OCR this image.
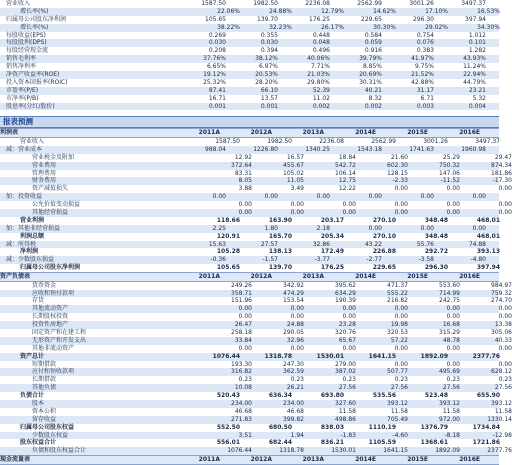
营业收入	1587.50	1982.50	2236.08	2562.99	3001.26	3497.37
增长率(%)	22.06%	24.88%	12.79%	14.62%	17.10%	16.53%
归属母公司股东净利润	105.65	139.70	176.25	229.65	296.30	397.94
增长率(%)	38.22%	32.23%	26.17%	30.30%	29.02%	34.30%
每股收益(EPS)	0.269	0.355	0.448	0.584	0.754	1.012
每股股利(DPS)	0.030	0.030	0.048	0.059	0.076	0.101
每股经营现金流	0.208	0.394	0.496	0.916	0.383	1.282
销售毛利率	37.76%	38.12%	40.06%	39.79%	41.97%	43.93%
销售净利率	6.65%	6.97%	7.71%	8.85%	9.75%	11.24%
净资产收益率(ROE)	19.12%	20.53%	21.03%	20.69%	21.52%	22.94%
投入资本回报率(ROIC)	25.32%	28.20%	29.80%	30.31%	42.88%	44.79%
市盈率(P/E)	87.41	66.10	52.39	40.21	31.17	23.21
市净率(P/B)	16.71	13.57	11.02	8.32	6.71	5.32
股息率(分红/股价)	0.001	0.001	0.002	0.002	0.003	0.004
报表预测
利润表	2011A	2012A	2013A	2014E	2015E	2016E
营业收入	1587.50	1982.50	2236.08	2562.99	3001.26	3497.37
减：营业成本	988.04	1226.80	1340.25	1543.18	1741.63	1960.98
营业税金及附加	12.92	16.57	18.84	21.60	25.29	29.47
营业费用	372.64	455.67	542.72	602.30	750.32	874.34
管理费用	83.31	105.02	106.14	128.15	147.06	181.86
财务费用	8.05	11.05	12.75	-2.33	-11.52	-17.30
资产减值损失	3.88	3.49	12.22	0.00	0.00	0.00
加：投资收益	0.00	0.00	0.00	0.00	0.00	0.00
公允价值变动损益	0.00	0.00	0.00	0.00	0.00	0.00
其他经营损益	0.00	0.00	0.00	0.00	0.00	0.00
营业利润	118.66	163.90	203.17	270.10	348.48	468.01
加：其他非经营损益	2.25	1.80	2.18	0.00	0.00	0.00
利润总额	120.91	165.70	205.34	270.10	348.48	468.01
减：所得税	15.63	27.57	32.86	43.22	55.76	74.88
净利润	105.28	138.13	172.49	226.88	292.72	393.13
减：少数股东损益	-0.36	-1.57	-3.77	-2.77	-3.58	-4.80
归属母公司股东净利润	105.65	139.70	176.25	229.65	296.30	397.94
资产负债表	2011A	2012A	2013A	2014E	2015E	2016E
货币资金	249.26	342.92	395.62	471.37	553.60	984.97
应收和预付款项	358.71	474.29	634.29	555.22	714.99	759.32
存货	151.96	153.54	190.39	216.82	242.75	274.70
其他流动资产	0.00	0.00	0.00	0.00	0.00	0.00
长期股权投资	0.00	0.00	0.00	0.00	0.00	0.00
投资性房地产	26.47	24.88	23.28	19.98	16.68	13.38
固定资产和在建工程	258.18	290.05	320.76	320.53	315.29	305.06
无形资产和开发支出	33.84	32.96	65.67	57.22	48.78	40.33
其他非流动资产	0.00	0.00	0.00	0.00	0.00	0.00
资产总计	1076.44	1318.78	1530.01	1641.15	1892.09	2377.76
短期借款	193.30	247.30	279.00	0.00	0.00	0.00
应付和预收款项	316.82	362.59	387.02	507.77	495.69	628.12
长期借款	0.23	0.23	0.23	0.23	0.23	0.23
其他负债	10.08	26.21	27.56	27.56	27.56	27.56
负债合计	520.43	636.34	693.80	535.56	523.48	655.90
股本	234.00	234.00	327.60	393.12	393.12	393.12
资本公积	46.68	46.68	11.58	11.58	11.58	11.58
留存收益	271.83	399.82	498.86	705.49	972.00	1330.14
归属母公司股东权益	552.50	680.50	838.03	1110.19	1376.79	1734.84
少数股东权益	3.51	1.94	-1.83	-4.60	-8.18	-12.98
股东权益合计	556.01	682.44	836.21	1105.59	1368.61	1721.86
负债和股东权益合计	1076.44	1318.78	1530.01	1641.15	1892.09	2377.76
现金流量表	2011A	2012A	2013A	2014E	2015E	2016E
